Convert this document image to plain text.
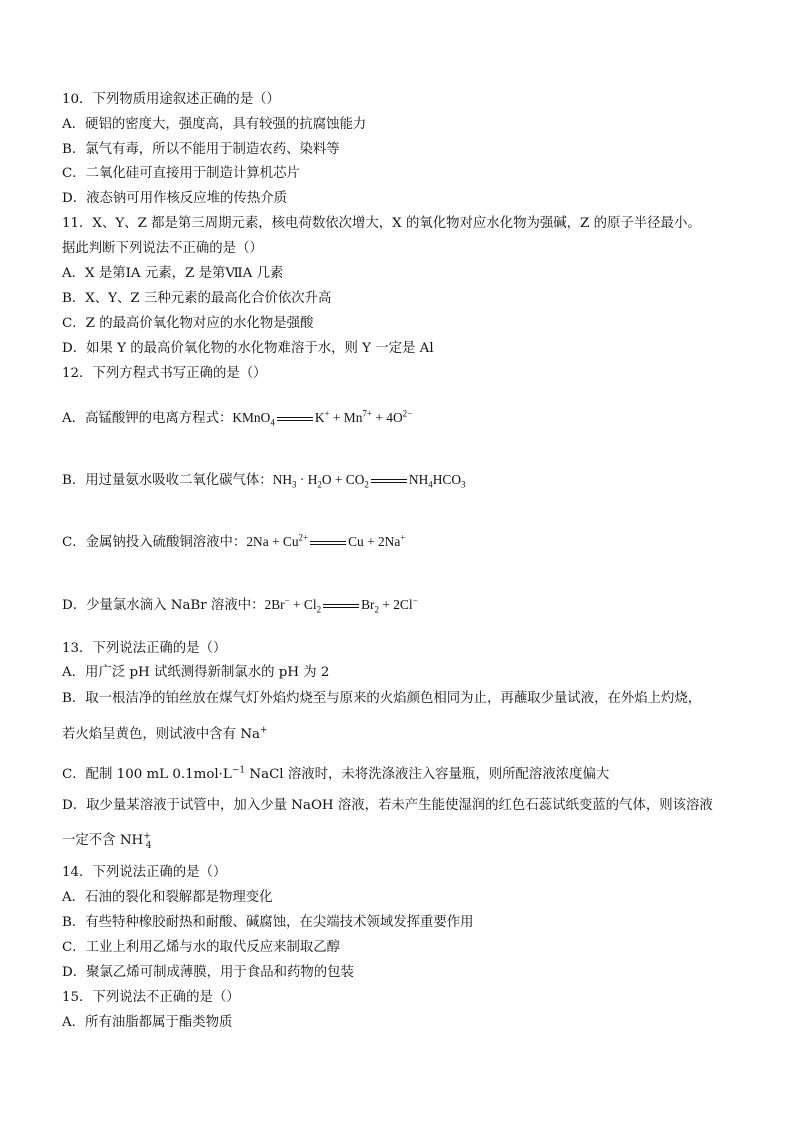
10．下列物质用途叙述正确的是（）
A．硬铝的密度大，强度高，具有较强的抗腐蚀能力
B．氯气有毒，所以不能用于制造农药、染料等
C．二氧化硅可直接用于制造计算机芯片
D．液态钠可用作核反应堆的传热介质
11．X、Y、Z 都是第三周期元素，核电荷数依次增大，X 的氧化物对应水化物为强碱，Z 的原子半径最小。
据此判断下列说法不正确的是（）
A．X 是第ⅠA 元素，Z 是第ⅦA 几素
B．X、Y、Z 三种元素的最高化合价依次升高
C．Z 的最高价氧化物对应的水化物是强酸
D．如果 Y 的最高价氧化物的水化物难溶于水，则 Y 一定是 Al
12．下列方程式书写正确的是（）
A．高锰酸钾的电离方程式：KMnO$_4$	$K^+ + Mn^{7+} + 4O^{2-}$
B．用过量氨水吸收二氧化碳气体：$NH_3 \cdot H_2O + CO_2$	$NH_4HCO_3$
C．金属钠投入硫酸铜溶液中：$2Na + Cu^{2+}$	Cu + 2Na+
D．少量氯水滴入 NaBr 溶液中：$2Br^- + Cl_2$	$Br_2 + 2Cl^-$
13．下列说法正确的是（）
A．用广泛 pH 试纸测得新制氯水的 pH 为 2
B．取一根洁净的铂丝放在煤气灯外焰灼烧至与原来的火焰颜色相同为止，再蘸取少量试液，在外焰上灼烧，
若火焰呈黄色，则试液中含有 Na+
C．配制 100 mL $0.1mol\cdot L^{-1}$ NaCl 溶液时，未将洗涤液注入容量瓶，则所配溶液浓度偏大
D．取少量某溶液于试管中，加入少量 NaOH 溶液，若未产生能使湿润的红色石蕊试纸变蓝的气体，则该溶液
一定不含 $NH^+_4$
14．下列说法正确的是（）
A．石油的裂化和裂解都是物理变化
B．有些特种橡胶耐热和耐酸、碱腐蚀，在尖端技术领域发挥重要作用
C．工业上利用乙烯与水的取代反应来制取乙醇
D．聚氯乙烯可制成薄膜，用于食品和药物的包装
15．下列说法不正确的是（）
A．所有油脂都属于酯类物质
